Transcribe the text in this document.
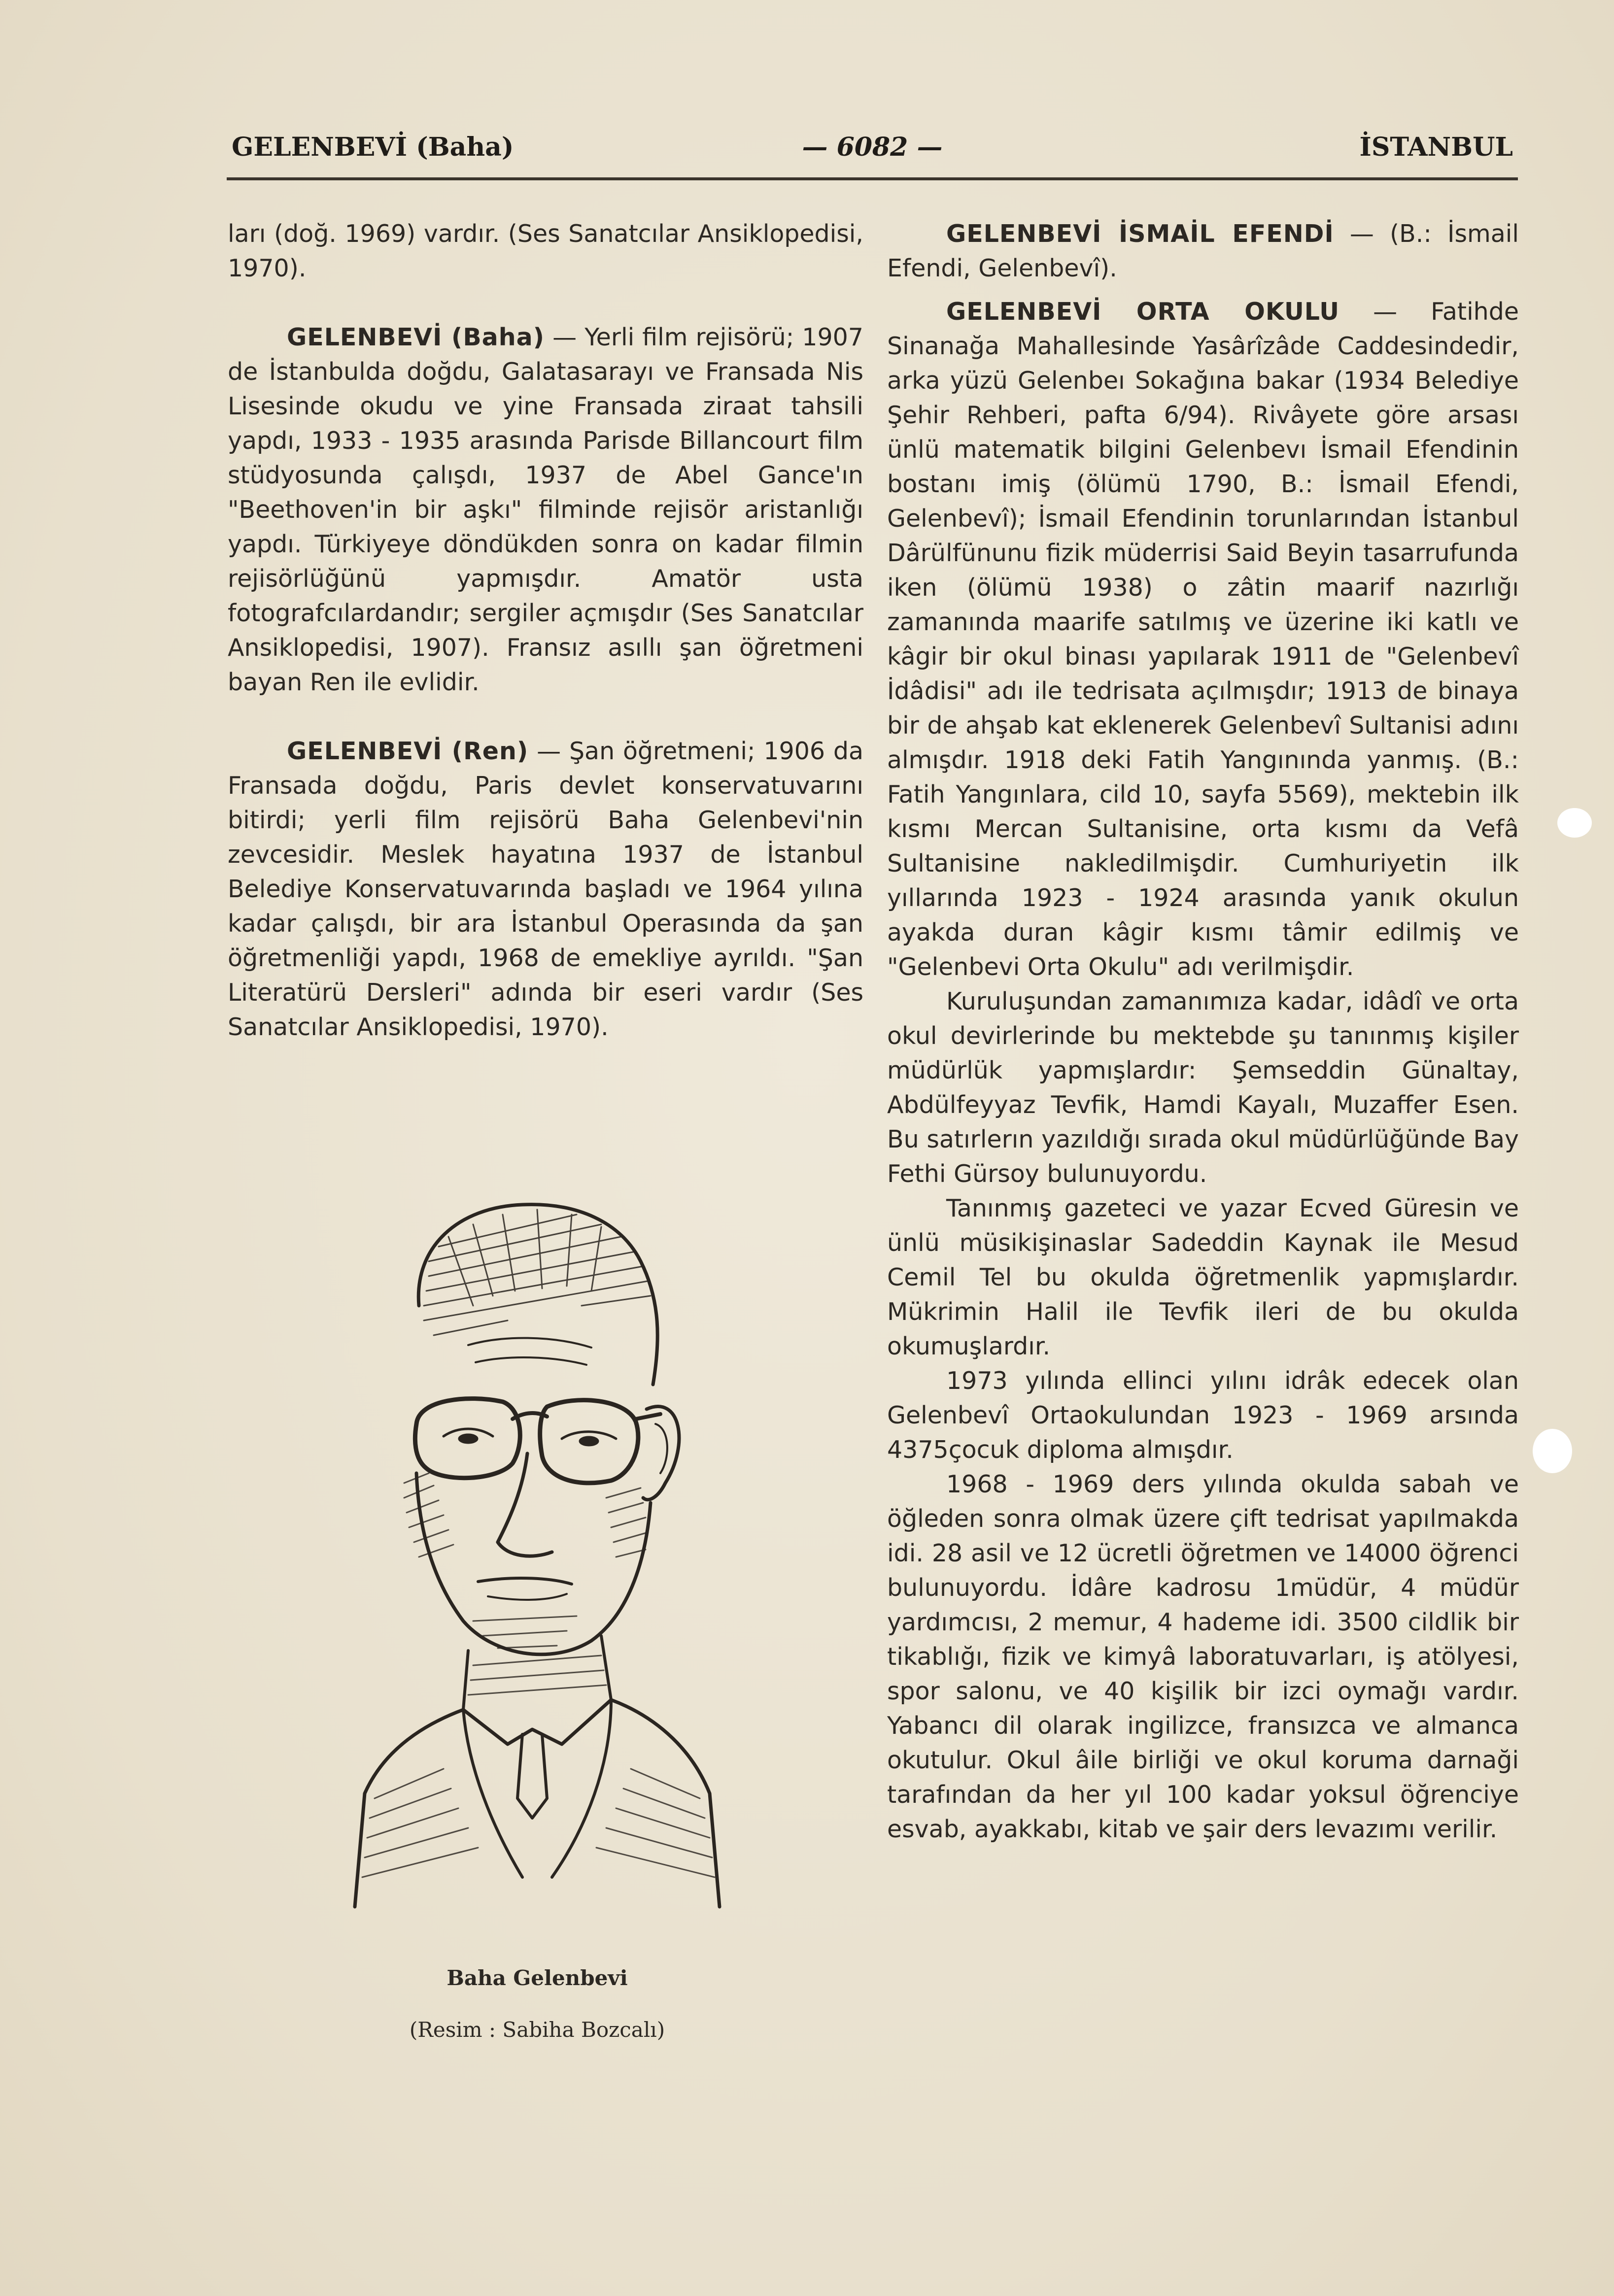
GELENBEVİ (Baha)	— 6082 —	İSTANBUL

ları (doğ. 1969) vardır. (Ses Sanatcılar Ansiklopedisi, 1970).

GELENBEVİ (Baha) — Yerli film rejisörü; 1907 de İstanbulda doğdu, Galatasarayı ve Fransada Nis Lisesinde okudu ve yine Fransada ziraat tahsili yapdı, 1933 - 1935 arasında Parisde Billancourt film stüdyosunda çalışdı, 1937 de Abel Gance'ın "Beethoven'in bir aşkı" filminde rejisör aristanlığı yapdı. Türkiyeye döndükden sonra on kadar filmin rejisörlüğünü yapmışdır. Amatör usta fotografcılardandır; sergiler açmışdır (Ses Sanatcılar Ansiklopedisi, 1907). Fransız asıllı şan öğretmeni bayan Ren ile evlidir.

GELENBEVİ (Ren) — Şan öğretmeni; 1906 da Fransada doğdu, Paris devlet konservatuvarını bitirdi; yerli film rejisörü Baha Gelenbevi'nin zevcesidir. Meslek hayatına 1937 de İstanbul Belediye Konservatuvarında başladı ve 1964 yılına kadar çalışdı, bir ara İstanbul Operasında da şan öğretmenliği yapdı, 1968 de emekliye ayrıldı. "Şan Literatürü Dersleri" adında bir eseri vardır (Ses Sanatcılar Ansiklopedisi, 1970).

Baha Gelenbevi
(Resim : Sabiha Bozcalı)

GELENBEVİ İSMAİL EFENDİ — (B.: İsmail Efendi, Gelenbevî).

GELENBEVİ ORTA OKULU — Fatihde Sinanağa Mahallesinde Yasârîzâde Caddesindedir, arka yüzü Gelenbeı Sokağına bakar (1934 Belediye Şehir Rehberi, pafta 6/94). Rivâyete göre arsası ünlü matematik bilgini Gelenbevı İsmail Efendinin bostanı imiş (ölümü 1790, B.: İsmail Efendi, Gelenbevî); İsmail Efendinin torunlarından İstanbul Dârülfünunu fizik müderrisi Said Beyin tasarrufunda iken (ölümü 1938) o zâtin maarif nazırlığı zamanında maarife satılmış ve üzerine iki katlı ve kâgir bir okul binası yapılarak 1911 de "Gelenbevî İdâdisi" adı ile tedrisata açılmışdır; 1913 de binaya bir de ahşab kat eklenerek Gelenbevî Sultanisi adını almışdır. 1918 deki Fatih Yangınında yanmış. (B.: Fatih Yangınlara, cild 10, sayfa 5569), mektebin ilk kısmı Mercan Sultanisine, orta kısmı da Vefâ Sultanisine nakledilmişdir. Cumhuriyetin ilk yıllarında 1923 - 1924 arasında yanık okulun ayakda duran kâgir kısmı tâmir edilmiş ve "Gelenbevi Orta Okulu" adı verilmişdir.

Kuruluşundan zamanımıza kadar, idâdî ve orta okul devirlerinde bu mektebde şu tanınmış kişiler müdürlük yapmışlardır: Şemseddin Günaltay, Abdülfeyyaz Tevfik, Hamdi Kayalı, Muzaffer Esen. Bu satırlerın yazıldığı sırada okul müdürlüğünde Bay Fethi Gürsoy bulunuyordu.

Tanınmış gazeteci ve yazar Ecved Güresin ve ünlü müsikişinaslar Sadeddin Kaynak ile Mesud Cemil Tel bu okulda öğretmenlik yapmışlardır. Mükrimin Halil ile Tevfik ileri de bu okulda okumuşlardır.

1973 yılında ellinci yılını idrâk edecek olan Gelenbevî Ortaokulundan 1923 - 1969 arsında 4375çocuk diploma almışdır.

1968 - 1969 ders yılında okulda sabah ve öğleden sonra olmak üzere çift tedrisat yapılmakda idi. 28 asil ve 12 ücretli öğretmen ve 14000 öğrenci bulunuyordu. İdâre kadrosu 1müdür, 4 müdür yardımcısı, 2 memur, 4 hademe idi. 3500 cildlik bir tikablığı, fizik ve kimyâ laboratuvarları, iş atölyesi, spor salonu, ve 40 kişilik bir izci oymağı vardır. Yabancı dil olarak ingilizce, fransızca ve almanca okutulur. Okul âile birliği ve okul koruma darnaği tarafından da her yıl 100 kadar yoksul öğrenciye esvab, ayakkabı, kitab ve şair ders levazımı verilir.
